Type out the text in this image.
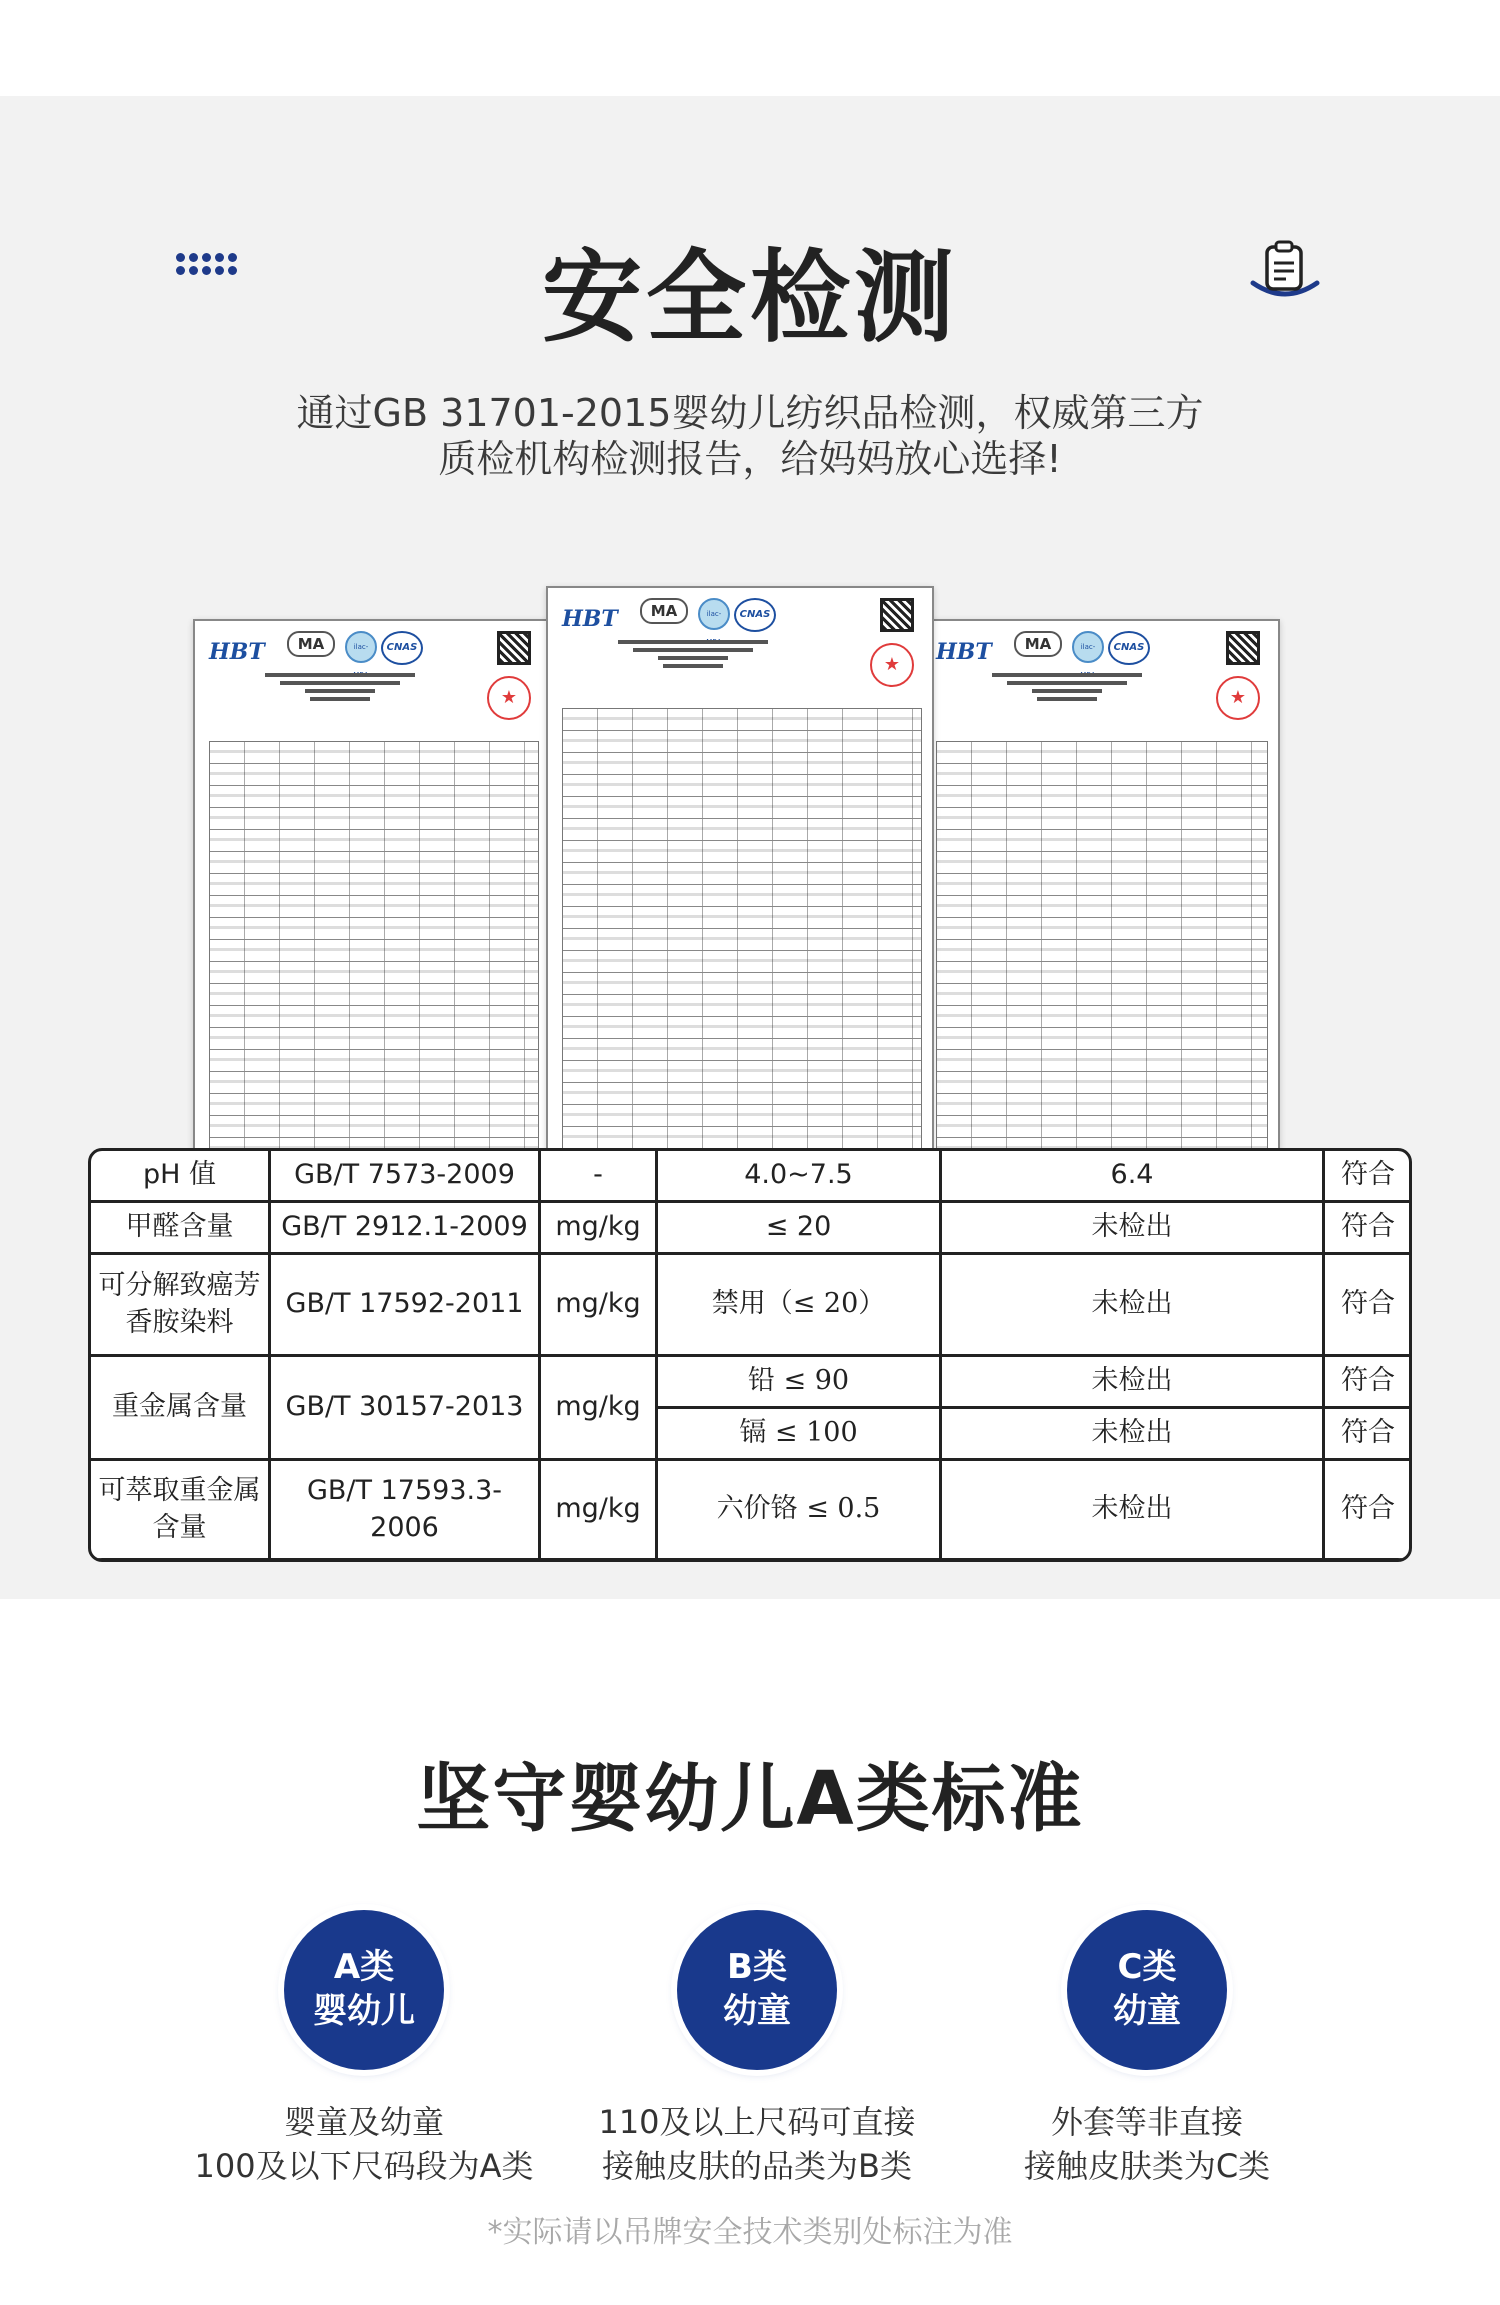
安全检测
通过GB 31701-2015婴幼儿纺织品检测，权威第三方
质检机构检测报告，给妈妈放心选择!
HBT	MA	ilac-	CNAS
★
HBT	MA	ilac-	CNAS
★
HBT	MA	ilac-	CNAS
★
pH 值	GB/T 7573-2009	-	4.0~7.5	6.4	符合
甲醛含量	GB/T 2912.1-2009	mg/kg	≤ 20	未检出	符合

可分解致癌芳
香胺染料	GB/T 17592-2011	mg/kg	禁用（≤ 20）	未检出	符合
重金属含量	GB/T 30157-2013	mg/kg	铅 ≤ 90	未检出	符合
			镉 ≤ 100	未检出	符合

可萃取重金属
含量	GB/T 17593.3-2006	mg/kg	六价铬 ≤ 0.5	未检出	符合

坚守婴幼儿A类标准
A类
婴幼儿
B类
幼童
C类
幼童
婴童及幼童
100及以下尺码段为A类
110及以上尺码可直接
接触皮肤的品类为B类
外套等非直接
接触皮肤类为C类
*实际请以吊牌安全技术类别处标注为准
